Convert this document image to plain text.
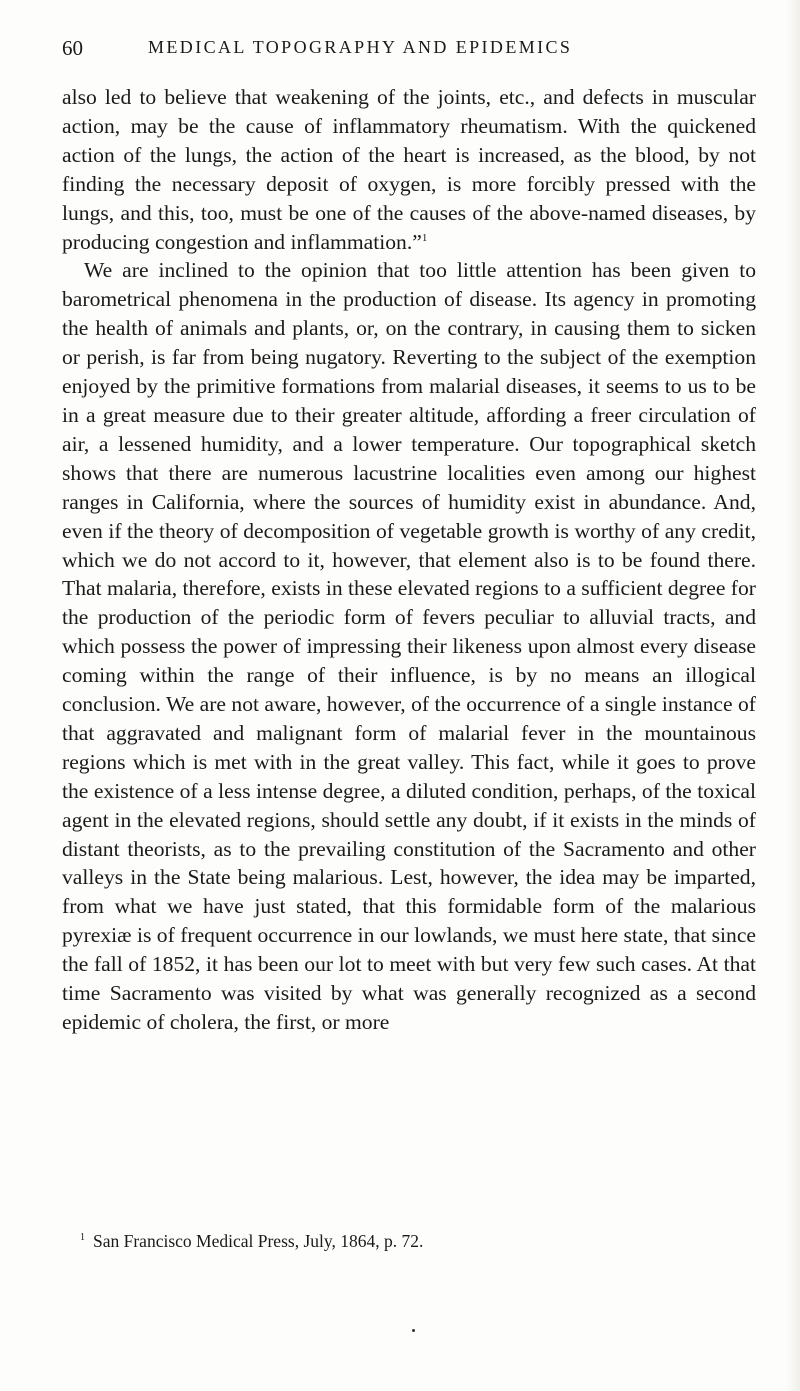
60	MEDICAL TOPOGRAPHY AND EPIDEMICS

also led to believe that weakening of the joints, etc., and defects in muscular action, may be the cause of inflammatory rheumatism. With the quickened action of the lungs, the action of the heart is increased, as the blood, by not finding the necessary deposit of oxygen, is more forcibly pressed with the lungs, and this, too, must be one of the causes of the above-named diseases, by producing congestion and inflammation.”$^1$

We are inclined to the opinion that too little attention has been given to barometrical phenomena in the production of disease. Its agency in promoting the health of animals and plants, or, on the contrary, in causing them to sicken or perish, is far from being nugatory. Reverting to the subject of the exemption enjoyed by the primitive formations from malarial diseases, it seems to us to be in a great measure due to their greater altitude, affording a freer circulation of air, a lessened humidity, and a lower temperature. Our topographical sketch shows that there are numerous lacustrine localities even among our highest ranges in California, where the sources of humidity exist in abundance. And, even if the theory of decomposition of vegetable growth is worthy of any credit, which we do not accord to it, however, that element also is to be found there. That malaria, therefore, exists in these elevated regions to a sufficient degree for the production of the periodic form of fevers peculiar to alluvial tracts, and which possess the power of impressing their likeness upon almost every disease coming within the range of their influence, is by no means an illogical conclusion. We are not aware, however, of the occurrence of a single instance of that aggravated and malignant form of malarial fever in the mountainous regions which is met with in the great valley. This fact, while it goes to prove the existence of a less intense degree, a diluted condition, perhaps, of the toxical agent in the elevated regions, should settle any doubt, if it exists in the minds of distant theorists, as to the prevailing constitution of the Sacramento and other valleys in the State being malarious. Lest, however, the idea may be imparted, from what we have just stated, that this formidable form of the malarious pyrexiæ is of frequent occurrence in our lowlands, we must here state, that since the fall of 1852, it has been our lot to meet with but very few such cases. At that time Sacramento was visited by what was generally recognized as a second epidemic of cholera, the first, or more

$^1$ San Francisco Medical Press, July, 1864, p. 72.
